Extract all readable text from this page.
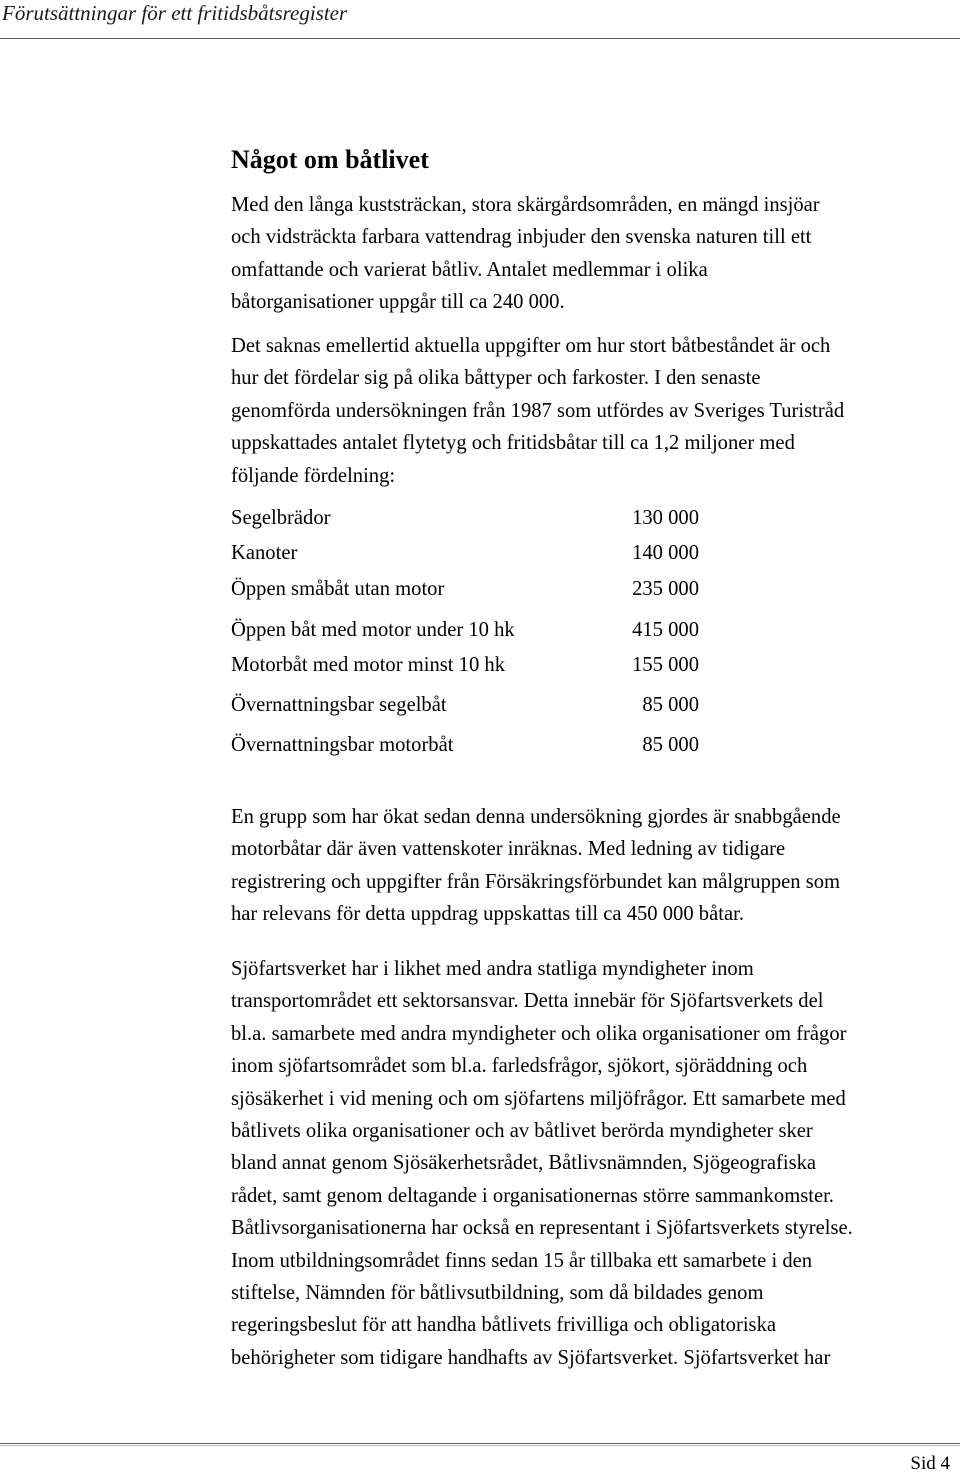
Förutsättningar för ett fritidsbåtsregister
Något om båtlivet
Med den långa kuststräckan, stora skärgårdsområden, en mängd insjöar
och vidsträckta farbara vattendrag inbjuder den svenska naturen till ett
omfattande och varierat båtliv. Antalet medlemmar i olika
båtorganisationer uppgår till ca 240 000.
Det saknas emellertid aktuella uppgifter om hur stort båtbeståndet är och
hur det fördelar sig på olika båttyper och farkoster. I den senaste
genomförda undersökningen från 1987 som utfördes av Sveriges Turistråd
uppskattades antalet flytetyg och fritidsbåtar till ca 1,2 miljoner med
följande fördelning:
Segelbrädor	130 000
Kanoter	140 000
Öppen småbåt utan motor	235 000
Öppen båt med motor under 10 hk	415 000
Motorbåt med motor minst 10 hk	155 000
Övernattningsbar segelbåt	85 000
Övernattningsbar motorbåt	85 000
En grupp som har ökat sedan denna undersökning gjordes är snabbgående
motorbåtar där även vattenskoter inräknas. Med ledning av tidigare
registrering och uppgifter från Försäkringsförbundet kan målgruppen som
har relevans för detta uppdrag uppskattas till ca 450 000 båtar.
Sjöfartsverket har i likhet med andra statliga myndigheter inom
transportområdet ett sektorsansvar. Detta innebär för Sjöfartsverkets del
bl.a. samarbete med andra myndigheter och olika organisationer om frågor
inom sjöfartsområdet som bl.a. farledsfrågor, sjökort, sjöräddning och
sjösäkerhet i vid mening och om sjöfartens miljöfrågor. Ett samarbete med
båtlivets olika organisationer och av båtlivet berörda myndigheter sker
bland annat genom Sjösäkerhetsrådet, Båtlivsnämnden, Sjögeografiska
rådet, samt genom deltagande i organisationernas större sammankomster.
Båtlivsorganisationerna har också en representant i Sjöfartsverkets styrelse.
Inom utbildningsområdet finns sedan 15 år tillbaka ett samarbete i den
stiftelse, Nämnden för båtlivsutbildning, som då bildades genom
regeringsbeslut för att handha båtlivets frivilliga och obligatoriska
behörigheter som tidigare handhafts av Sjöfartsverket. Sjöfartsverket har
Sid 4
